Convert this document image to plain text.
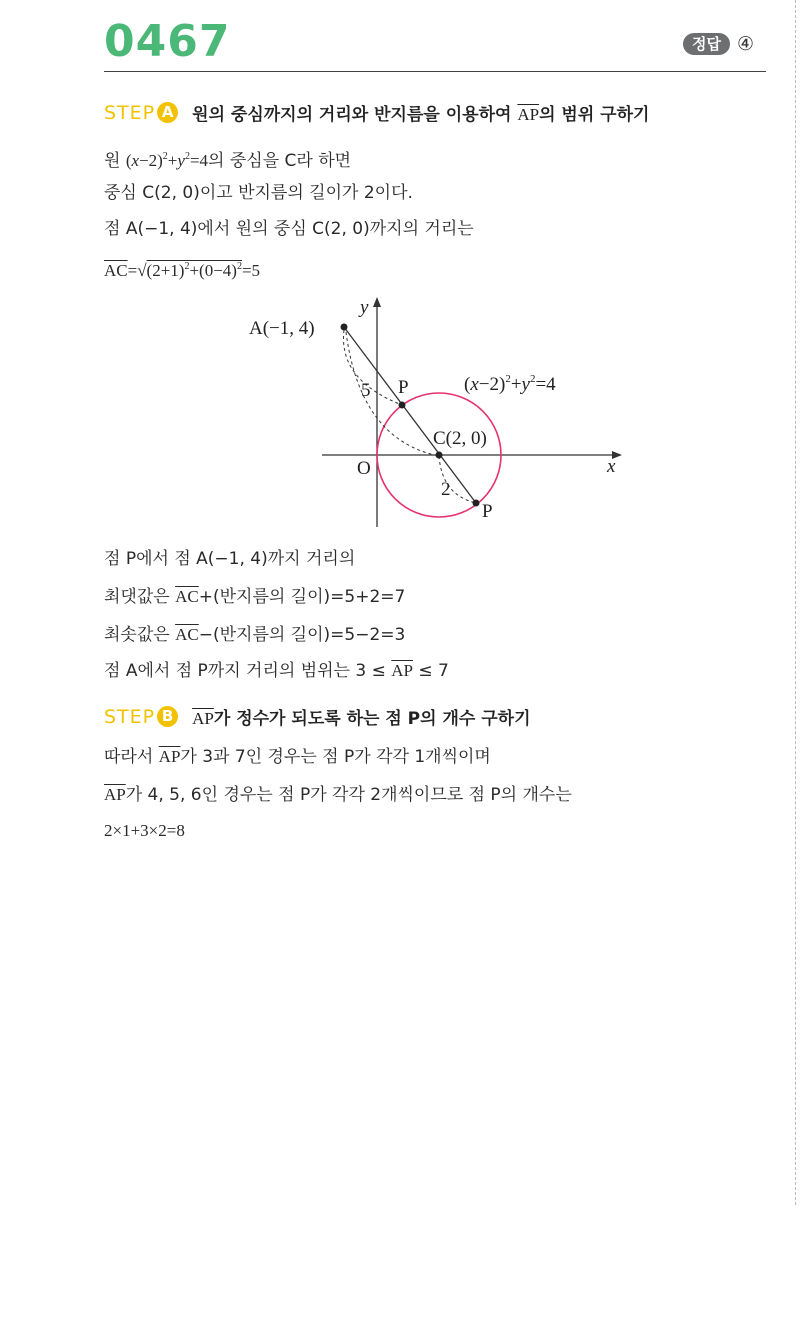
0467	정답 ④
STEP A 원의 중심까지의 거리와 반지름을 이용하여 $\overline{AP}$의 범위 구하기
원 $(x-2)^2+y^2=4$의 중심을 C라 하면
중심 C(2, 0)이고 반지름의 길이가 2이다.
점 A(−1, 4)에서 원의 중심 C(2, 0)까지의 거리는
$\overline{AC}=√(2+1)^2+(0-4)^2=5$
A(−1, 4)
P
P
C(2, 0)
O	x
y
5
2
$(x-2)^2+y^2=4$
점 P에서 점 A(−1, 4)까지 거리의
최댓값은 $\overline{AC}+$(반지름의 길이)=5+2=7
최솟값은 $\overline{AC}-$(반지름의 길이)=5−2=3
점 A에서 점 P까지 거리의 범위는 $3 \le \overline{AP} \le 7$
STEP B $\overline{AP}$가 정수가 되도록 하는 점 P의 개수 구하기
따라서 $\overline{AP}$가 3과 7인 경우는 점 P가 각각 1개씩이며
$\overline{AP}$가 4, 5, 6인 경우는 점 P가 각각 2개씩이므로 점 P의 개수는
2×1+3×2=8
